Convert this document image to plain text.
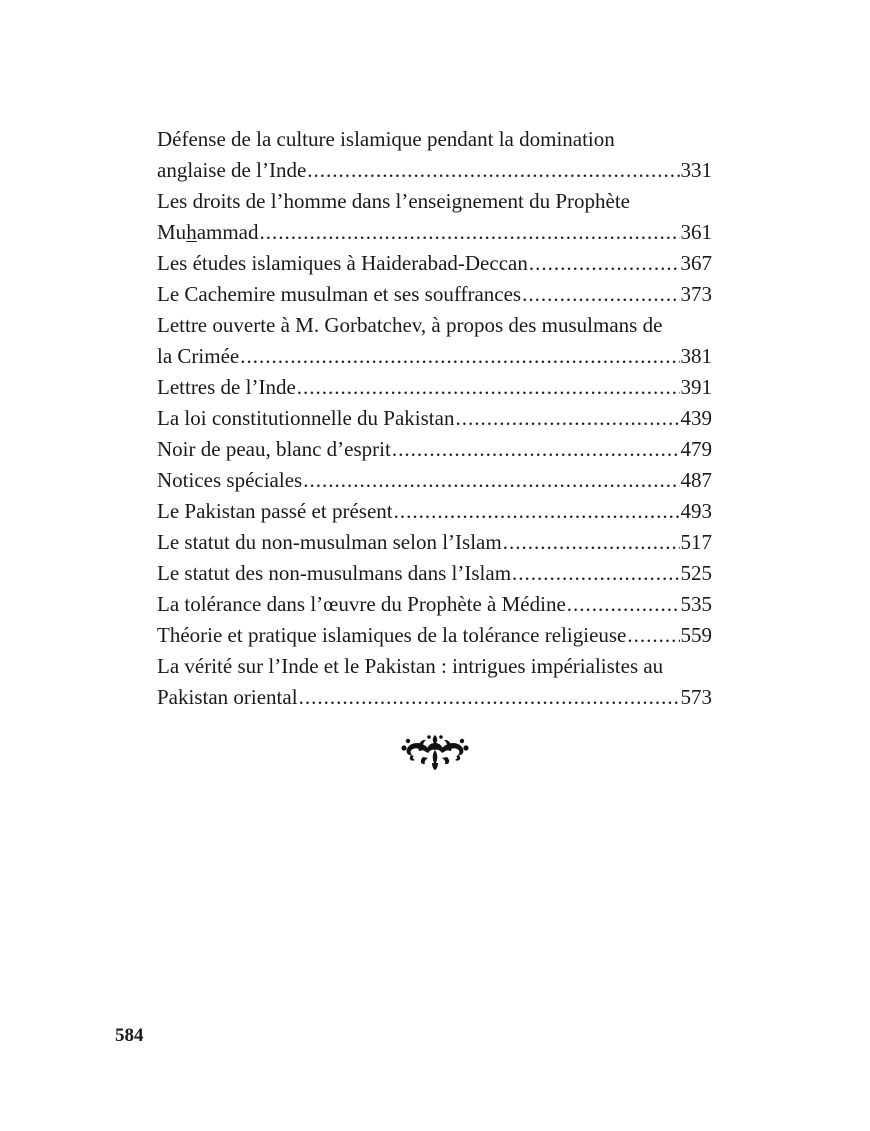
Défense de la culture islamique pendant la domination
anglaise de l’Inde .....	331
Les droits de l’homme dans l’enseignement du Prophète
Muhammad .....	361
Les études islamiques à Haiderabad-Deccan .....	367
Le Cachemire musulman et ses souffrances .....	373
Lettre ouverte à M. Gorbatchev, à propos des musulmans de
la Crimée .....	381
Lettres de l’Inde .....	391
La loi constitutionnelle du Pakistan .....	439
Noir de peau, blanc d’esprit .....	479
Notices spéciales .....	487
Le Pakistan passé et présent .....	493
Le statut du non-musulman selon l’Islam .....	517
Le statut des non-musulmans dans l’Islam .....	525
La tolérance dans l’œuvre du Prophète à Médine .....	535
Théorie et pratique islamiques de la tolérance religieuse .....	559
La vérité sur l’Inde et le Pakistan : intrigues impérialistes au
Pakistan oriental .....	573
584
